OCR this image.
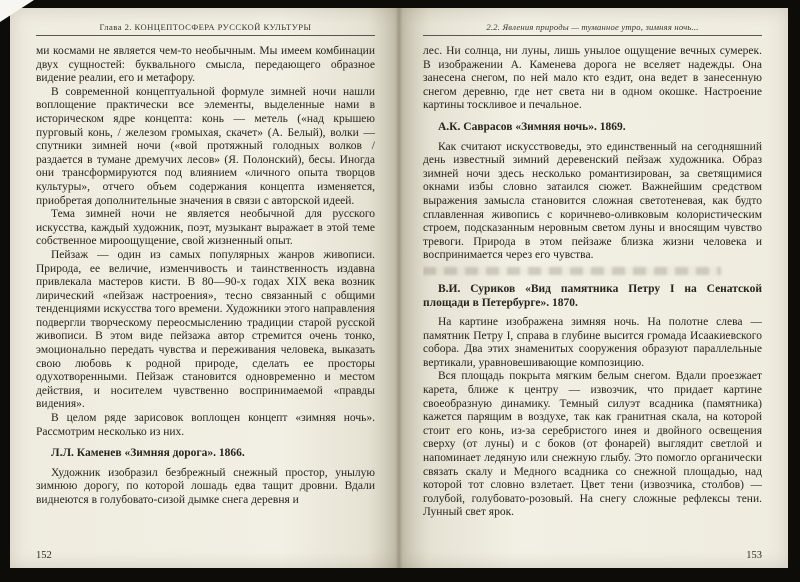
Глава 2. КОНЦЕПТОСФЕРА РУССКОЙ КУЛЬТУРЫ

ми космами не является чем-то необычным. Мы имеем комбинации двух сущностей: буквального смысла, передающего образное видение реалии, его и метафору.

В современной концептуальной формуле зимней ночи нашли воплощение практически все элементы, выделенные нами в историческом ядре концепта: конь — метель («над крышею пурговый конь, / железом громыхая, скачет» (А. Белый), волки — спутники зимней ночи («вой протяжный голодных волков / раздается в тумане дремучих лесов» (Я. Полонский), бесы. Иногда они трансформируются под влиянием «личного опыта творцов культуры», отчего объем содержания концепта изменяется, приобретая дополнительные значения в связи с авторской идеей.

Тема зимней ночи не является необычной для русского искусства, каждый художник, поэт, музыкант выражает в этой теме собственное мироощущение, свой жизненный опыт.

Пейзаж — один из самых популярных жанров живописи. Природа, ее величие, изменчивость и таинственность издавна привлекала мастеров кисти. В 80—90-х годах XIX века возник лирический «пейзаж настроения», тесно связанный с общими тенденциями искусства того времени. Художники этого направления подвергли творческому переосмыслению традиции старой русской живописи. В этом виде пейзажа автор стремится очень тонко, эмоционально передать чувства и переживания человека, выказать свою любовь к родной природе, сделать ее просторы одухотворенными. Пейзаж становится одновременно и местом действия, и носителем чувственно воспринимаемой «правды видения».

В целом ряде зарисовок воплощен концепт «зимняя ночь». Рассмотрим несколько из них.

Л.Л. Каменев «Зимняя дорога». 1866.

Художник изобразил безбрежный снежный простор, унылую зимнюю дорогу, по которой лошадь едва тащит дровни. Вдали виднеются в голубовато-сизой дымке снега деревня и

152
2.2. Явления природы — туманное утро, зимняя ночь...

лес. Ни солнца, ни луны, лишь унылое ощущение вечных сумерек. В изображении А. Каменева дорога не вселяет надежды. Она занесена снегом, по ней мало кто ездит, она ведет в занесенную снегом деревню, где нет света ни в одном окошке. Настроение картины тоскливое и печальное.

А.К. Саврасов «Зимняя ночь». 1869.

Как считают искусствоведы, это единственный на сегодняшний день известный зимний деревенский пейзаж художника. Образ зимней ночи здесь несколько романтизирован, за светящимися окнами избы словно затаился сюжет. Важнейшим средством выражения замысла становится сложная светотеневая, как будто сплавленная живопись с коричнево-оливковым колористическим строем, подсказанным неровным светом луны и вносящим чувство тревоги. Природа в этом пейзаже близка жизни человека и воспринимается через его чувства.

В.И. Суриков «Вид памятника Петру I на Сенатской площади в Петербурге». 1870.

На картине изображена зимняя ночь. На полотне слева — памятник Петру I, справа в глубине высится громада Исаакиевского собора. Два этих знаменитых сооружения образуют параллельные вертикали, уравновешивающие композицию.

Вся площадь покрыта мягким белым снегом. Вдали проезжает карета, ближе к центру — извозчик, что придает картине своеобразную динамику. Темный силуэт всадника (памятника) кажется парящим в воздухе, так как гранитная скала, на которой стоит его конь, из-за серебристого инея и двойного освещения сверху (от луны) и с боков (от фонарей) выглядит светлой и напоминает ледяную или снежную глыбу. Это помогло органически связать скалу и Медного всадника со снежной площадью, над которой тот словно взлетает. Цвет тени (извозчика, столбов) — голубой, голубовато-розовый. На снегу сложные рефлексы тени. Лунный свет ярок.

153
